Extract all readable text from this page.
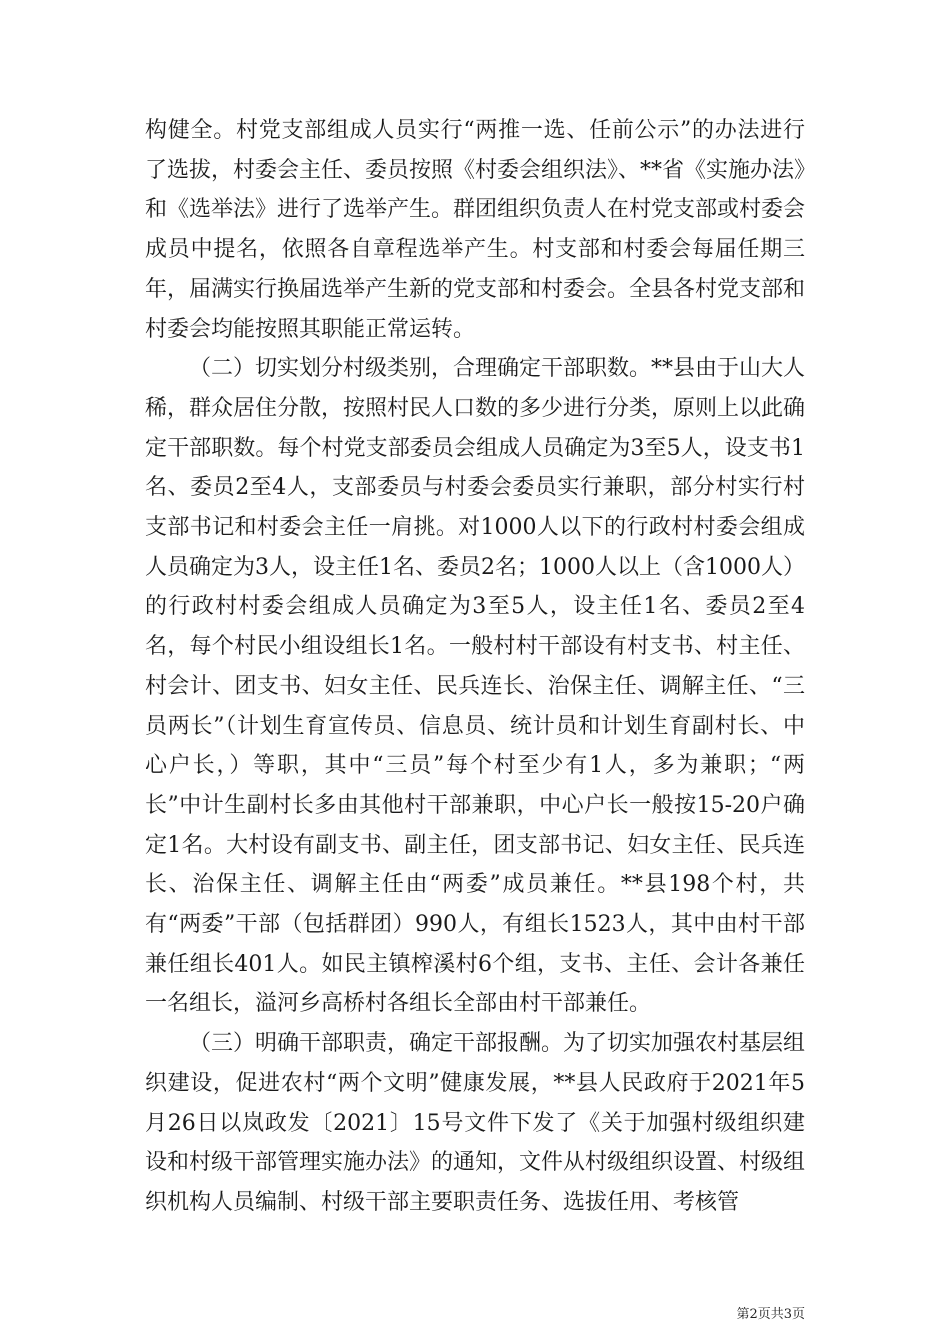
构健全。村党支部组成人员实行“两推一选、任前公示”的办法进行了选拔，村委会主任、委员按照《村委会组织法》、**省《实施办法》和《选举法》进行了选举产生。群团组织负责人在村党支部或村委会成员中提名，依照各自章程选举产生。村支部和村委会每届任期三年，届满实行换届选举产生新的党支部和村委会。全县各村党支部和村委会均能按照其职能正常运转。

（二）切实划分村级类别，合理确定干部职数。**县由于山大人稀，群众居住分散，按照村民人口数的多少进行分类，原则上以此确定干部职数。每个村党支部委员会组成人员确定为3至5人，设支书1名、委员2至4人，支部委员与村委会委员实行兼职，部分村实行村支部书记和村委会主任一肩挑。对1000人以下的行政村村委会组成人员确定为3人，设主任1名、委员2名；1000人以上（含1000人）的行政村村委会组成人员确定为3至5人，设主任1名、委员2至4名，每个村民小组设组长1名。一般村村干部设有村支书、村主任、村会计、团支书、妇女主任、民兵连长、治保主任、调解主任、“三员两长”（计划生育宣传员、信息员、统计员和计划生育副村长、中心户长，）等职，其中“三员”每个村至少有1人，多为兼职；“两长”中计生副村长多由其他村干部兼职，中心户长一般按15-20户确定1名。大村设有副支书、副主任，团支部书记、妇女主任、民兵连长、治保主任、调解主任由“两委”成员兼任。**县198个村，共有“两委”干部（包括群团）990人，有组长1523人，其中由村干部兼任组长401人。如民主镇榨溪村6个组，支书、主任、会计各兼任一名组长，溢河乡高桥村各组长全部由村干部兼任。

（三）明确干部职责，确定干部报酬。为了切实加强农村基层组织建设，促进农村“两个文明”健康发展，**县人民政府于2021年5月26日以岚政发〔2021〕15号文件下发了《关于加强村级组织建设和村级干部管理实施办法》的通知，文件从村级组织设置、村级组织机构人员编制、村级干部主要职责任务、选拔任用、考核管

第2页共3页
